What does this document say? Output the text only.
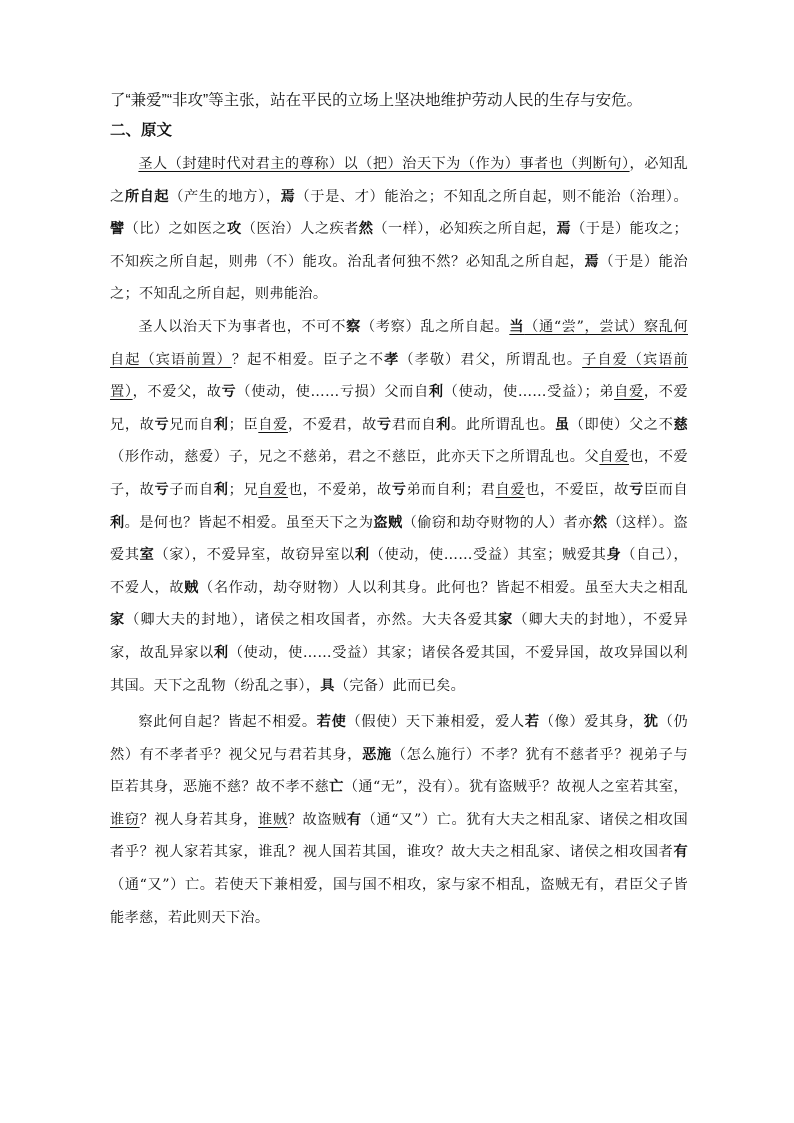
了“兼爱”“非攻”等主张，站在平民的立场上坚决地维护劳动人民的生存与安危。

二、原文

圣人（封建时代对君主的尊称）以（把）治天下为（作为）事者也（判断句），必知乱之所自起（产生的地方），焉（于是、才）能治之；不知乱之所自起，则不能治（治理）。譬（比）之如医之攻（医治）人之疾者然（一样），必知疾之所自起，焉（于是）能攻之；不知疾之所自起，则弗（不）能攻。治乱者何独不然？必知乱之所自起，焉（于是）能治之；不知乱之所自起，则弗能治。

圣人以治天下为事者也，不可不察（考察）乱之所自起。当（通“尝”，尝试）察乱何自起（宾语前置）？起不相爱。臣子之不孝（孝敬）君父，所谓乱也。子自爱（宾语前置），不爱父，故亏（使动，使……亏损）父而自利（使动，使……受益）；弟自爱，不爱兄，故亏兄而自利；臣自爱，不爱君，故亏君而自利。此所谓乱也。虽（即使）父之不慈（形作动，慈爱）子，兄之不慈弟，君之不慈臣，此亦天下之所谓乱也。父自爱也，不爱子，故亏子而自利；兄自爱也，不爱弟，故亏弟而自利；君自爱也，不爱臣，故亏臣而自利。是何也？皆起不相爱。虽至天下之为盗贼（偷窃和劫夺财物的人）者亦然（这样）。盗爱其室（家），不爱异室，故窃异室以利（使动，使……受益）其室；贼爱其身（自己），不爱人，故贼（名作动，劫夺财物）人以利其身。此何也？皆起不相爱。虽至大夫之相乱家（卿大夫的封地），诸侯之相攻国者，亦然。大夫各爱其家（卿大夫的封地），不爱异家，故乱异家以利（使动，使……受益）其家；诸侯各爱其国，不爱异国，故攻异国以利其国。天下之乱物（纷乱之事），具（完备）此而已矣。

察此何自起？皆起不相爱。若使（假使）天下兼相爱，爱人若（像）爱其身，犹（仍然）有不孝者乎？视父兄与君若其身，恶施（怎么施行）不孝？犹有不慈者乎？视弟子与臣若其身，恶施不慈？故不孝不慈亡（通“无”，没有）。犹有盗贼乎？故视人之室若其室，谁窃？视人身若其身，谁贼？故盗贼有（通“又”）亡。犹有大夫之相乱家、诸侯之相攻国者乎？视人家若其家，谁乱？视人国若其国，谁攻？故大夫之相乱家、诸侯之相攻国者有（通“又”）亡。若使天下兼相爱，国与国不相攻，家与家不相乱，盗贼无有，君臣父子皆能孝慈，若此则天下治。
